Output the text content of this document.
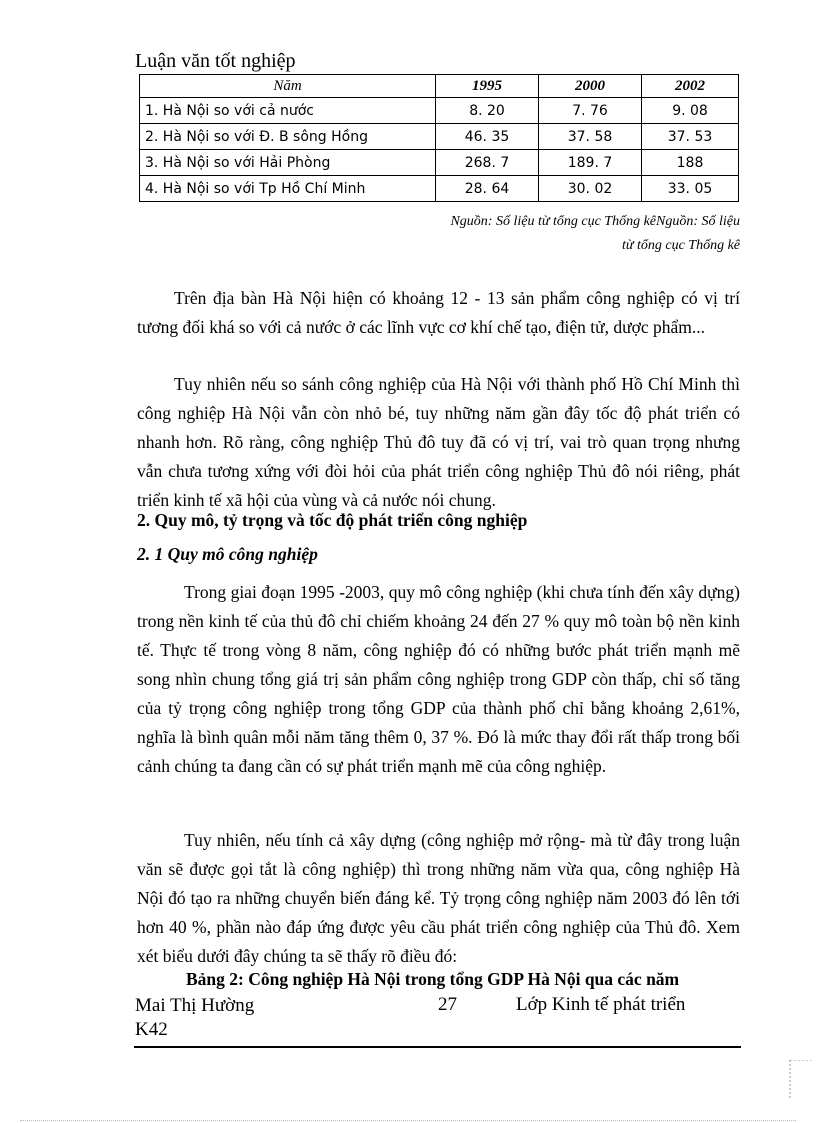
Luận văn tốt nghiệp
Năm	1995	2000	2002
1. Hà Nội so với cả nước	8. 20	7. 76	9. 08
2. Hà Nội so với Đ. B sông Hồng	46. 35	37. 58	37. 53
3. Hà Nội so với Hải Phòng	268. 7	189. 7	188
4. Hà Nội so với Tp Hồ Chí Minh	28. 64	30. 02	33. 05
Nguồn: Số liệu từ tổng cục Thống kêNguồn: Số liệu
từ tổng cục Thống kê
Trên địa bàn Hà Nội hiện có khoảng 12 - 13 sản phẩm công nghiệp có vị trí tương đối khá so với cả nước ở các lĩnh vực cơ khí chế tạo, điện tử, dược phẩm...
Tuy nhiên nếu so sánh công nghiệp của Hà Nội với thành phố Hồ Chí Minh thì công nghiệp Hà Nội vẫn còn nhỏ bé, tuy những năm gần đây tốc độ phát triển có nhanh hơn. Rõ ràng, công nghiệp Thủ đô tuy đã có vị trí, vai trò quan trọng nhưng vẫn chưa tương xứng với đòi hỏi của phát triển công nghiệp Thủ đô nói riêng, phát triển kinh tế xã hội của vùng và cả nước nói chung.
2. Quy mô, tỷ trọng và tốc độ phát triển công nghiệp
2. 1 Quy mô công nghiệp
Trong giai đoạn 1995 -2003, quy mô công nghiệp (khi chưa tính đến xây dựng) trong nền kinh tế của thủ đô chỉ chiếm khoảng 24 đến 27 % quy mô toàn bộ nền kinh tế. Thực tế trong vòng 8 năm, công nghiệp đó có những bước phát triển mạnh mẽ song nhìn chung tổng giá trị sản phẩm công nghiệp trong GDP còn thấp, chỉ số tăng của tỷ trọng công nghiệp trong tổng GDP của thành phố chỉ bằng khoảng 2,61%, nghĩa là bình quân mỗi năm tăng thêm 0, 37 %. Đó là mức thay đổi rất thấp trong bối cảnh chúng ta đang cần có sự phát triển mạnh mẽ của công nghiệp.
Tuy nhiên, nếu tính cả xây dựng (công nghiệp mở rộng- mà từ đây trong luận văn sẽ được gọi tắt là công nghiệp) thì trong những năm vừa qua, công nghiệp Hà Nội đó tạo ra những chuyển biến đáng kể. Tỷ trọng công nghiệp năm 2003 đó lên tới hơn 40 %, phần nào đáp ứng được yêu cầu phát triển công nghiệp của Thủ đô. Xem xét biểu dưới đây chúng ta sẽ thấy rõ điều đó:
Bảng 2: Công nghiệp Hà Nội trong tổng GDP Hà Nội qua các năm
Mai Thị Hường
K42
27	Lớp Kinh tế phát triển
